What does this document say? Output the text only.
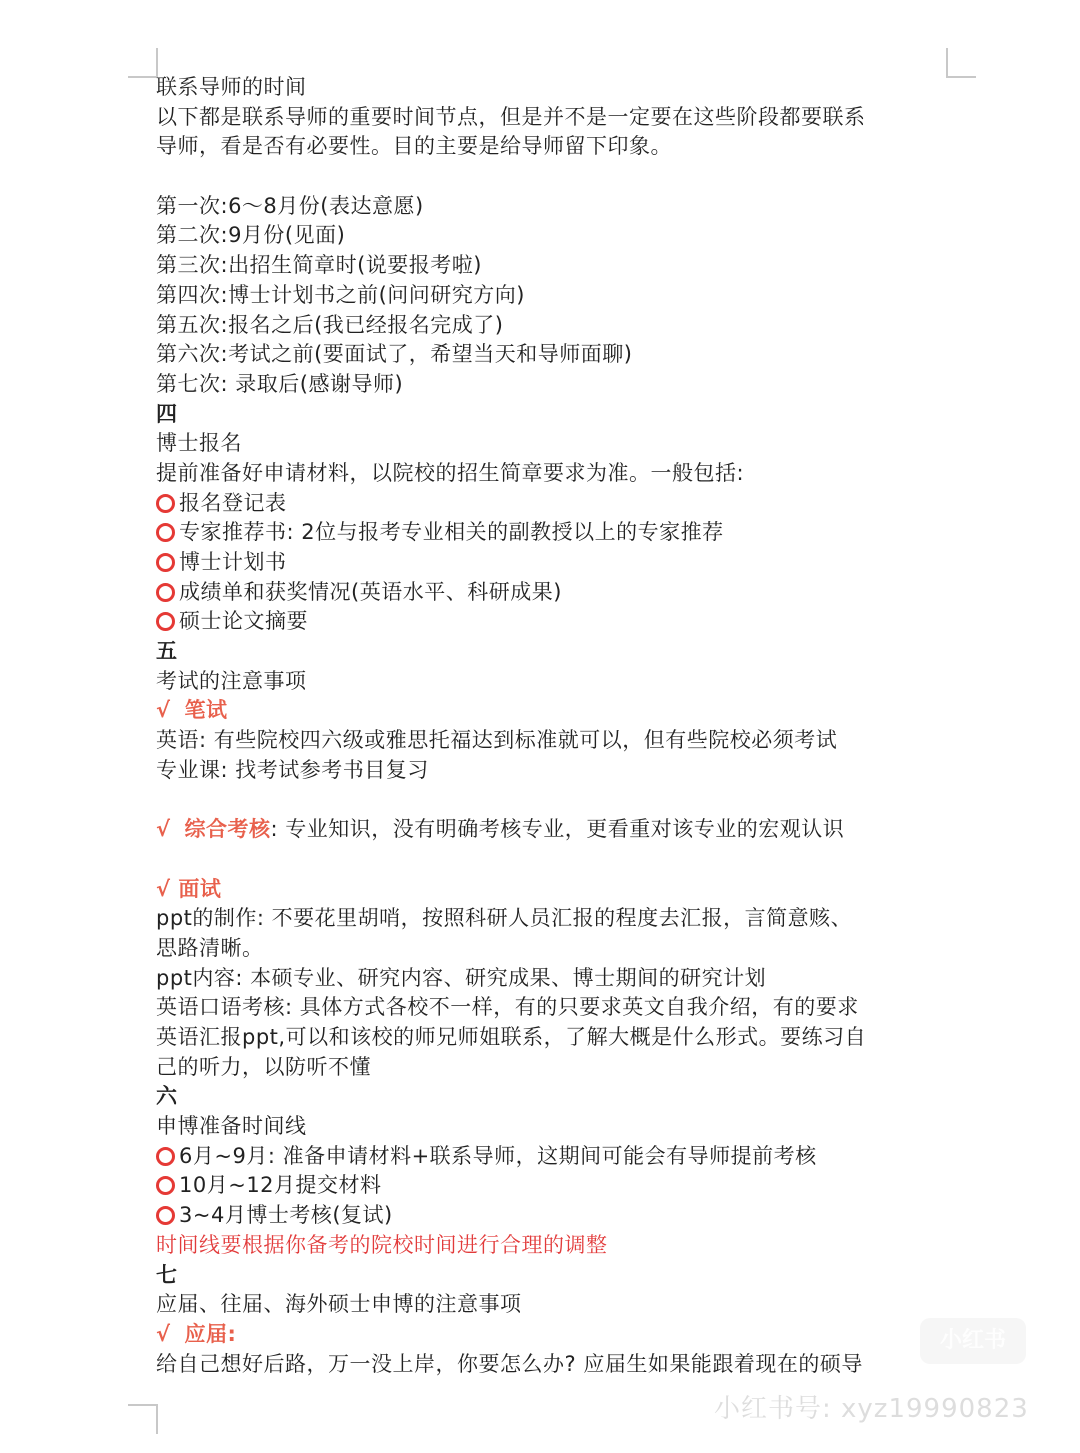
联系导师的时间
以下都是联系导师的重要时间节点，但是并不是一定要在这些阶段都要联系
导师，看是否有必要性。目的主要是给导师留下印象。
第一次:6～8月份(表达意愿)
第二次:9月份(见面)
第三次:出招生简章时(说要报考啦)
第四次:博士计划书之前(问问研究方向)
第五次:报名之后(我已经报名完成了)
第六次:考试之前(要面试了，希望当天和导师面聊)
第七次: 录取后(感谢导师)
四
博士报名
提前准备好申请材料，以院校的招生简章要求为准。一般包括:
报名登记表
专家推荐书: 2位与报考专业相关的副教授以上的专家推荐
博士计划书
成绩单和获奖情况(英语水平、科研成果)
硕士论文摘要
五
考试的注意事项
√ 笔试
英语: 有些院校四六级或雅思托福达到标准就可以，但有些院校必须考试
专业课: 找考试参考书目复习
√ 综合考核: 专业知识，没有明确考核专业，更看重对该专业的宏观认识
√ 面试
ppt的制作: 不要花里胡哨，按照科研人员汇报的程度去汇报，言简意赅、
思路清晰。
ppt内容: 本硕专业、研究内容、研究成果、博士期间的研究计划
英语口语考核: 具体方式各校不一样，有的只要求英文自我介绍，有的要求
英语汇报ppt,可以和该校的师兄师姐联系，了解大概是什么形式。要练习自
己的听力，以防听不懂
六
申博准备时间线
6月~9月: 准备申请材料+联系导师，这期间可能会有导师提前考核
10月~12月提交材料
3~4月博士考核(复试)
时间线要根据你备考的院校时间进行合理的调整
七
应届、往届、海外硕士申博的注意事项
√ 应届:
给自己想好后路，万一没上岸，你要怎么办? 应届生如果能跟着现在的硕导
小红书
小红书号: xyz19990823
